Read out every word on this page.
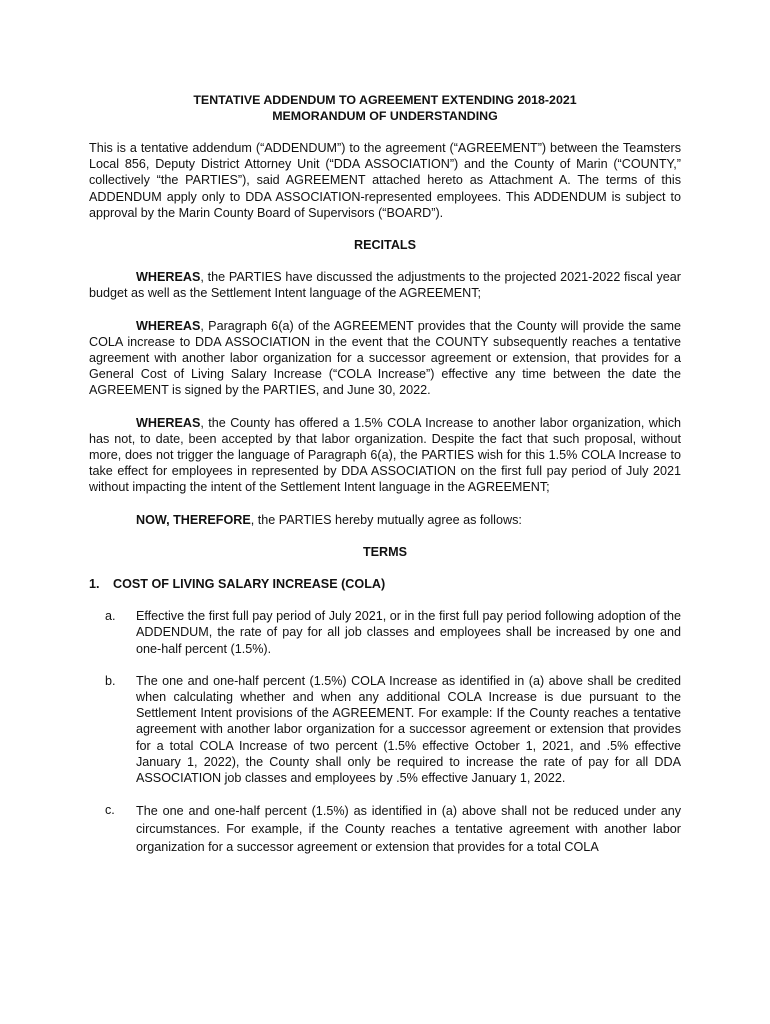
TENTATIVE ADDENDUM TO AGREEMENT EXTENDING 2018-2021

MEMORANDUM OF UNDERSTANDING

This is a tentative addendum (“ADDENDUM”) to the agreement (“AGREEMENT”) between the Teamsters Local 856, Deputy District Attorney Unit (“DDA ASSOCIATION”) and the County of Marin (“COUNTY,” collectively “the PARTIES”), said AGREEMENT attached hereto as Attachment A. The terms of this ADDENDUM apply only to DDA ASSOCIATION-represented employees. This ADDENDUM is subject to approval by the Marin County Board of Supervisors (“BOARD”).

RECITALS

WHEREAS, the PARTIES have discussed the adjustments to the projected 2021-2022 fiscal year budget as well as the Settlement Intent language of the AGREEMENT;

WHEREAS, Paragraph 6(a) of the AGREEMENT provides that the County will provide the same COLA increase to DDA ASSOCIATION in the event that the COUNTY subsequently reaches a tentative agreement with another labor organization for a successor agreement or extension, that provides for a General Cost of Living Salary Increase (“COLA Increase”) effective any time between the date the AGREEMENT is signed by the PARTIES, and June 30, 2022.

WHEREAS, the County has offered a 1.5% COLA Increase to another labor organization, which has not, to date, been accepted by that labor organization. Despite the fact that such proposal, without more, does not trigger the language of Paragraph 6(a), the PARTIES wish for this 1.5% COLA Increase to take effect for employees in represented by DDA ASSOCIATION on the first full pay period of July 2021 without impacting the intent of the Settlement Intent language in the AGREEMENT;

NOW, THEREFORE, the PARTIES hereby mutually agree as follows:

TERMS

1.	COST OF LIVING SALARY INCREASE (COLA)

a.	Effective the first full pay period of July 2021, or in the first full pay period following adoption of the ADDENDUM, the rate of pay for all job classes and employees shall be increased by one and one-half percent (1.5%).
b.	The one and one-half percent (1.5%) COLA Increase as identified in (a) above shall be credited when calculating whether and when any additional COLA Increase is due pursuant to the Settlement Intent provisions of the AGREEMENT. For example: If the County reaches a tentative agreement with another labor organization for a successor agreement or extension that provides for a total COLA Increase of two percent (1.5% effective October 1, 2021, and .5% effective January 1, 2022), the County shall only be required to increase the rate of pay for all DDA ASSOCIATION job classes and employees by .5% effective January 1, 2022.
c.	The one and one-half percent (1.5%) as identified in (a) above shall not be reduced under any circumstances. For example, if the County reaches a tentative agreement with another labor organization for a successor agreement or extension that provides for a total COLA
